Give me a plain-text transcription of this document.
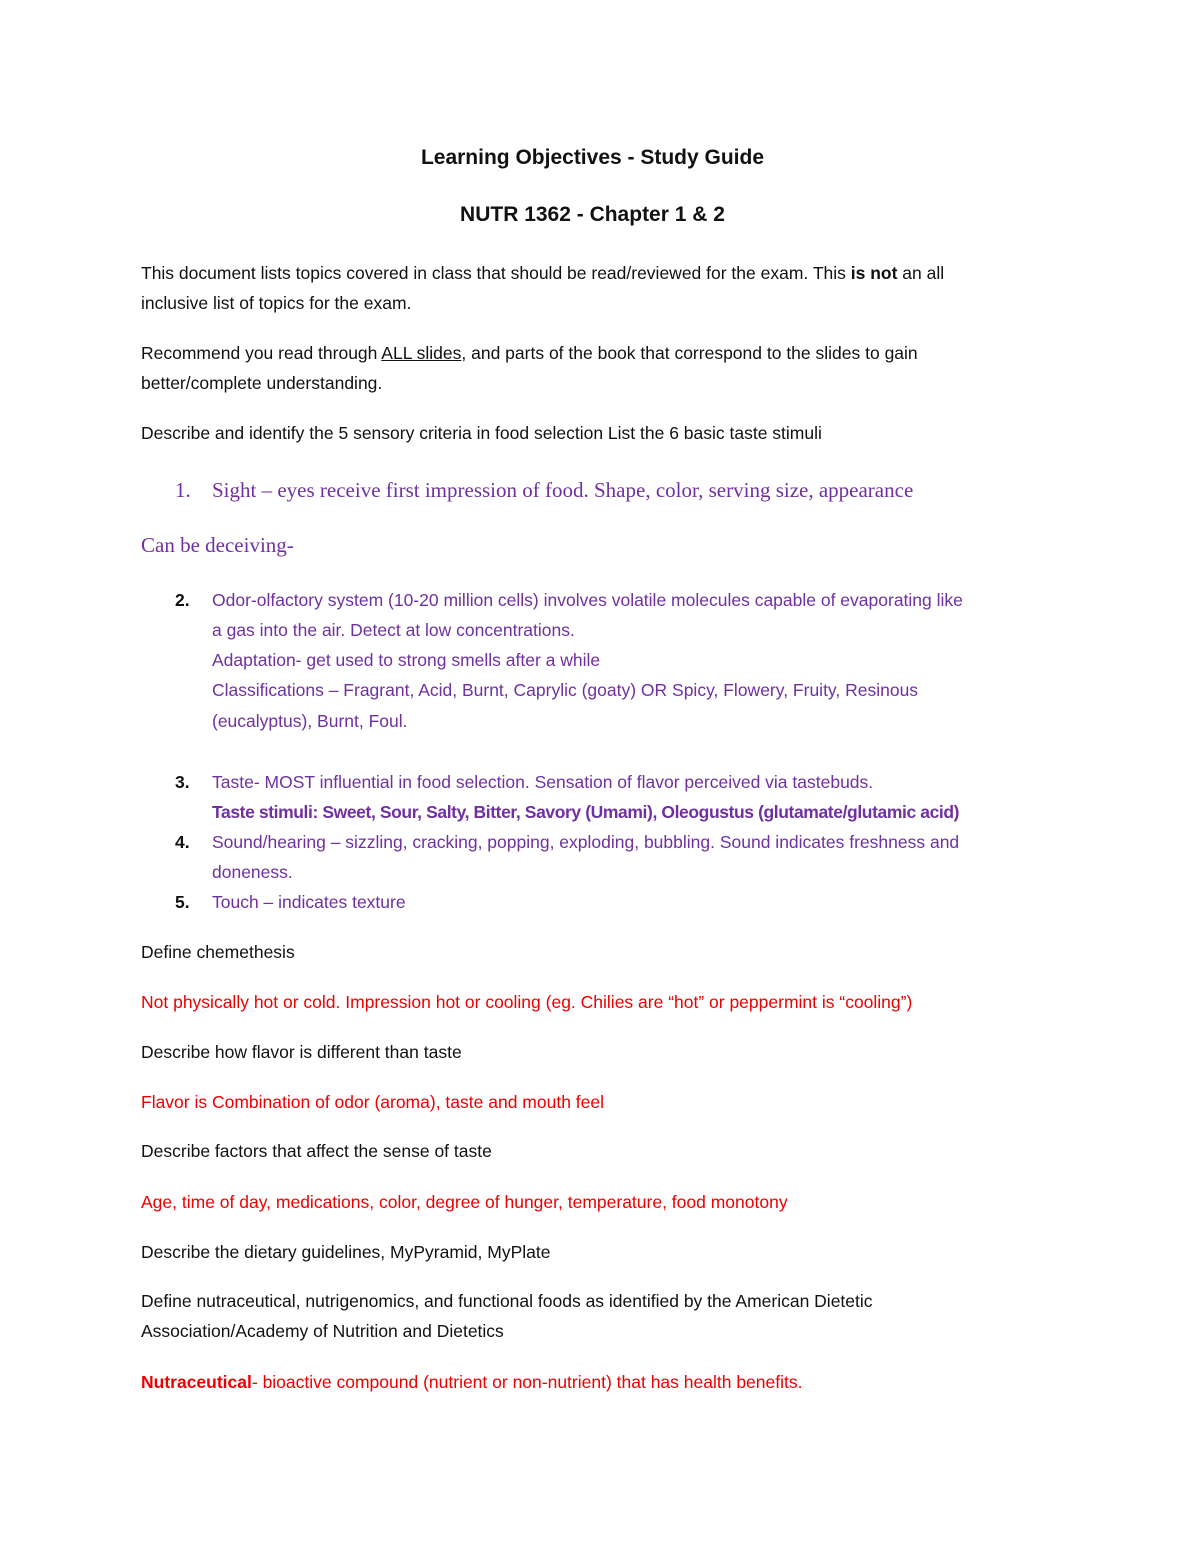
Learning Objectives - Study Guide
NUTR 1362 - Chapter 1 & 2

This document lists topics covered in class that should be read/reviewed for the exam. This is not an all

inclusive list of topics for the exam.

Recommend you read through ALL slides, and parts of the book that correspond to the slides to gain

better/complete understanding.

Describe and identify the 5 sensory criteria in food selection List the 6 basic taste stimuli

1. Sight – eyes receive first impression of food. Shape, color, serving size, appearance

Can be deceiving-

2. Odor-olfactory system (10-20 million cells) involves volatile molecules capable of evaporating like

a gas into the air. Detect at low concentrations.

Adaptation- get used to strong smells after a while

Classifications – Fragrant, Acid, Burnt, Caprylic (goaty) OR Spicy, Flowery, Fruity, Resinous

(eucalyptus), Burnt, Foul.

3. Taste- MOST influential in food selection. Sensation of flavor perceived via tastebuds.

Taste stimuli: Sweet, Sour, Salty, Bitter, Savory (Umami), Oleogustus (glutamate/glutamic acid)

4. Sound/hearing – sizzling, cracking, popping, exploding, bubbling. Sound indicates freshness and

doneness.

5. Touch – indicates texture

Define chemethesis

Not physically hot or cold. Impression hot or cooling (eg. Chilies are “hot” or peppermint is “cooling”)

Describe how flavor is different than taste

Flavor is Combination of odor (aroma), taste and mouth feel

Describe factors that affect the sense of taste

Age, time of day, medications, color, degree of hunger, temperature, food monotony

Describe the dietary guidelines, MyPyramid, MyPlate

Define nutraceutical, nutrigenomics, and functional foods as identified by the American Dietetic

Association/Academy of Nutrition and Dietetics

Nutraceutical- bioactive compound (nutrient or non-nutrient) that has health benefits.
